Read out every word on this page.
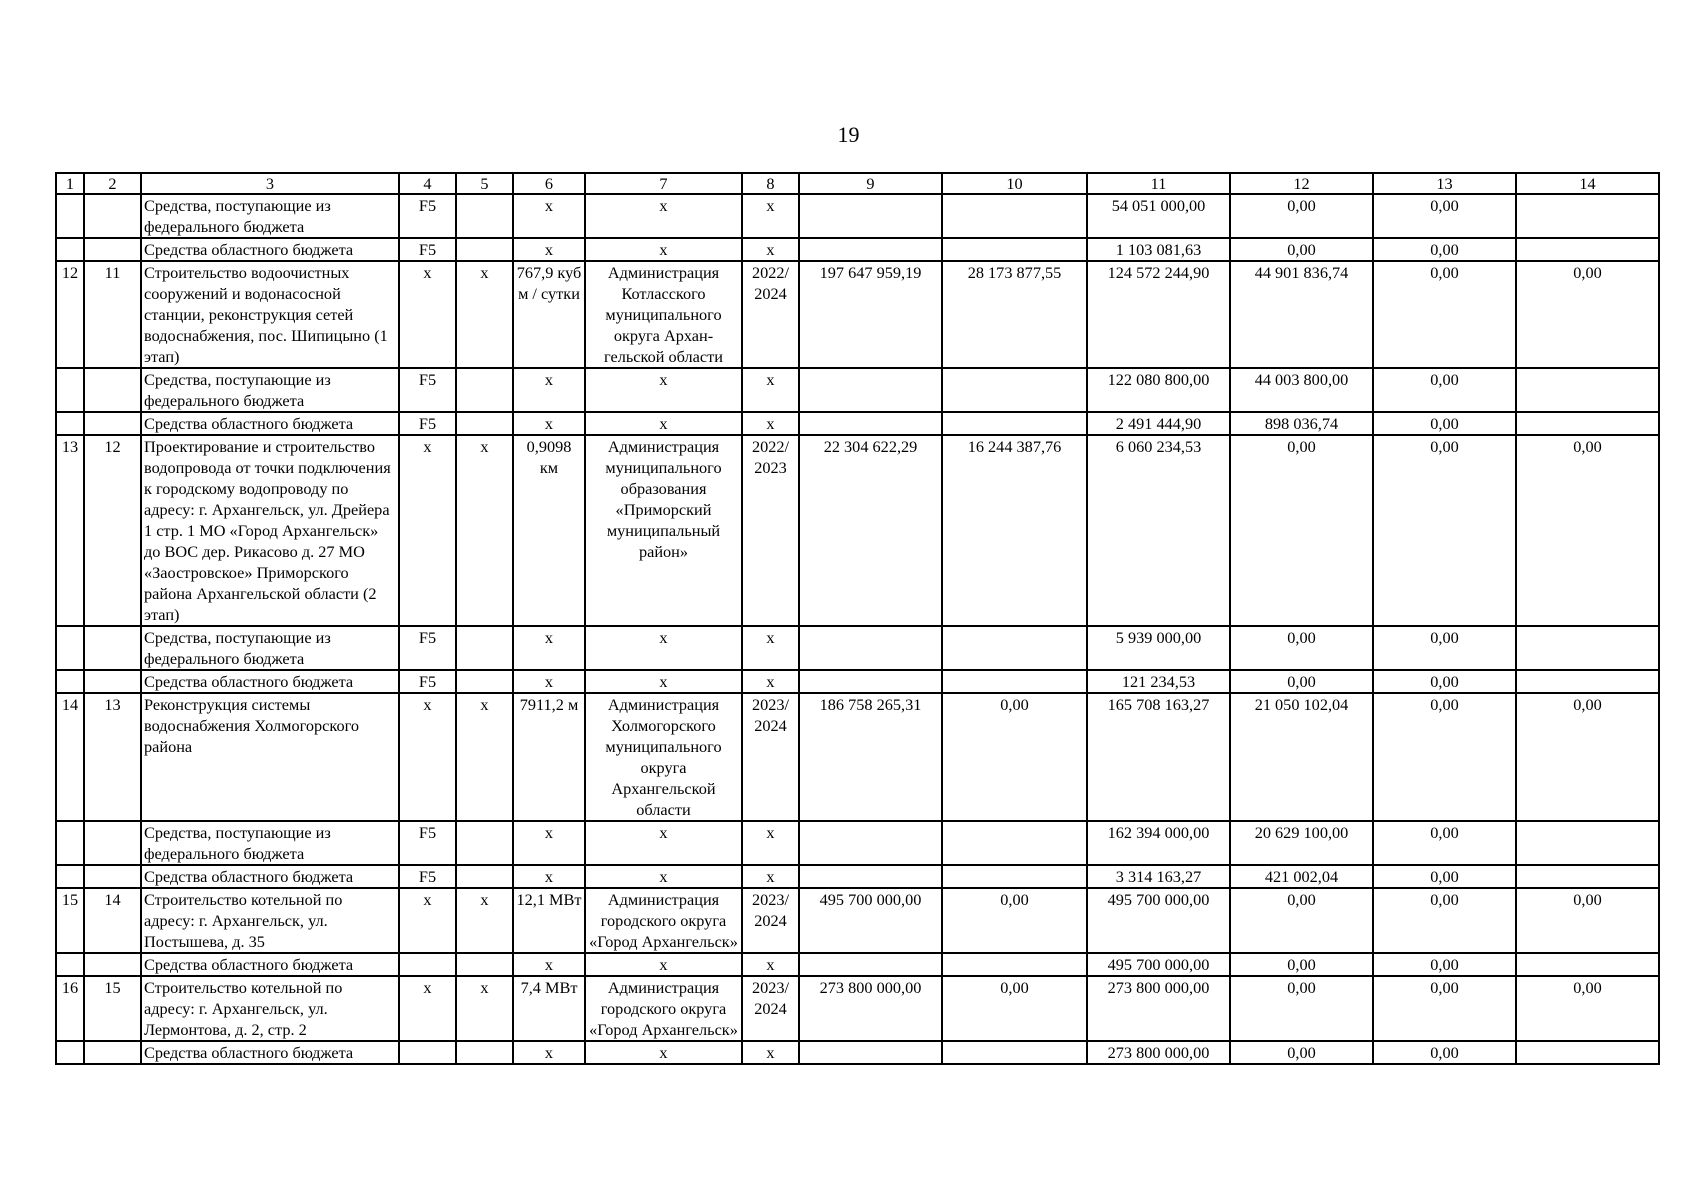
19
1	2	3	4	5	6	7	8	9	10	11	12	13	14
		Средства, поступающие из федерального бюджета	F5		х	х	х			54 051 000,00	0,00	0,00	
		Средства областного бюджета	F5		х	х	х			1 103 081,63	0,00	0,00	
12	11	Строительство водоочистных сооружений и водонасосной станции, реконструкция сетей водоснабжения, пос. Шипицыно (1 этап)	х	х	767,9 куб м / сутки	Администрация Котласского муниципального округа Архан-гельской области	2022/ 2024	197 647 959,19	28 173 877,55	124 572 244,90	44 901 836,74	0,00	0,00
		Средства, поступающие из федерального бюджета	F5		х	х	х			122 080 800,00	44 003 800,00	0,00	
		Средства областного бюджета	F5		х	х	х			2 491 444,90	898 036,74	0,00	
13	12	Проектирование и строительство водопровода от точки подключения к городскому водопроводу по адресу: г. Архангельск, ул. Дрейера 1 стр. 1 МО «Город Архангельск» до ВОС дер. Рикасово д. 27 МО «Заостровское» Приморского района Архангельской области (2 этап)	х	х	0,9098 км	Администрация муниципального образования «Приморский муниципальный район»	2022/ 2023	22 304 622,29	16 244 387,76	6 060 234,53	0,00	0,00	0,00
		Средства, поступающие из федерального бюджета	F5		х	х	х			5 939 000,00	0,00	0,00	
		Средства областного бюджета	F5		х	х	х			121 234,53	0,00	0,00	
14	13	Реконструкция системы водоснабжения Холмогорского района	х	х	7911,2 м	Администрация Холмогорского муниципального округа Архангельской области	2023/ 2024	186 758 265,31	0,00	165 708 163,27	21 050 102,04	0,00	0,00
		Средства, поступающие из федерального бюджета	F5		х	х	х			162 394 000,00	20 629 100,00	0,00	
		Средства областного бюджета	F5		х	х	х			3 314 163,27	421 002,04	0,00	
15	14	Строительство котельной по адресу: г. Архангельск, ул. Постышева, д. 35	х	х	12,1 МВт	Администрация городского округа «Город Архангельск»	2023/ 2024	495 700 000,00	0,00	495 700 000,00	0,00	0,00	0,00
		Средства областного бюджета			х	х	х			495 700 000,00	0,00	0,00	
16	15	Строительство котельной по адресу: г. Архангельск, ул. Лермонтова, д. 2, стр. 2	х	х	7,4 МВт	Администрация городского округа «Город Архангельск»	2023/ 2024	273 800 000,00	0,00	273 800 000,00	0,00	0,00	0,00
		Средства областного бюджета			х	х	х			273 800 000,00	0,00	0,00	
